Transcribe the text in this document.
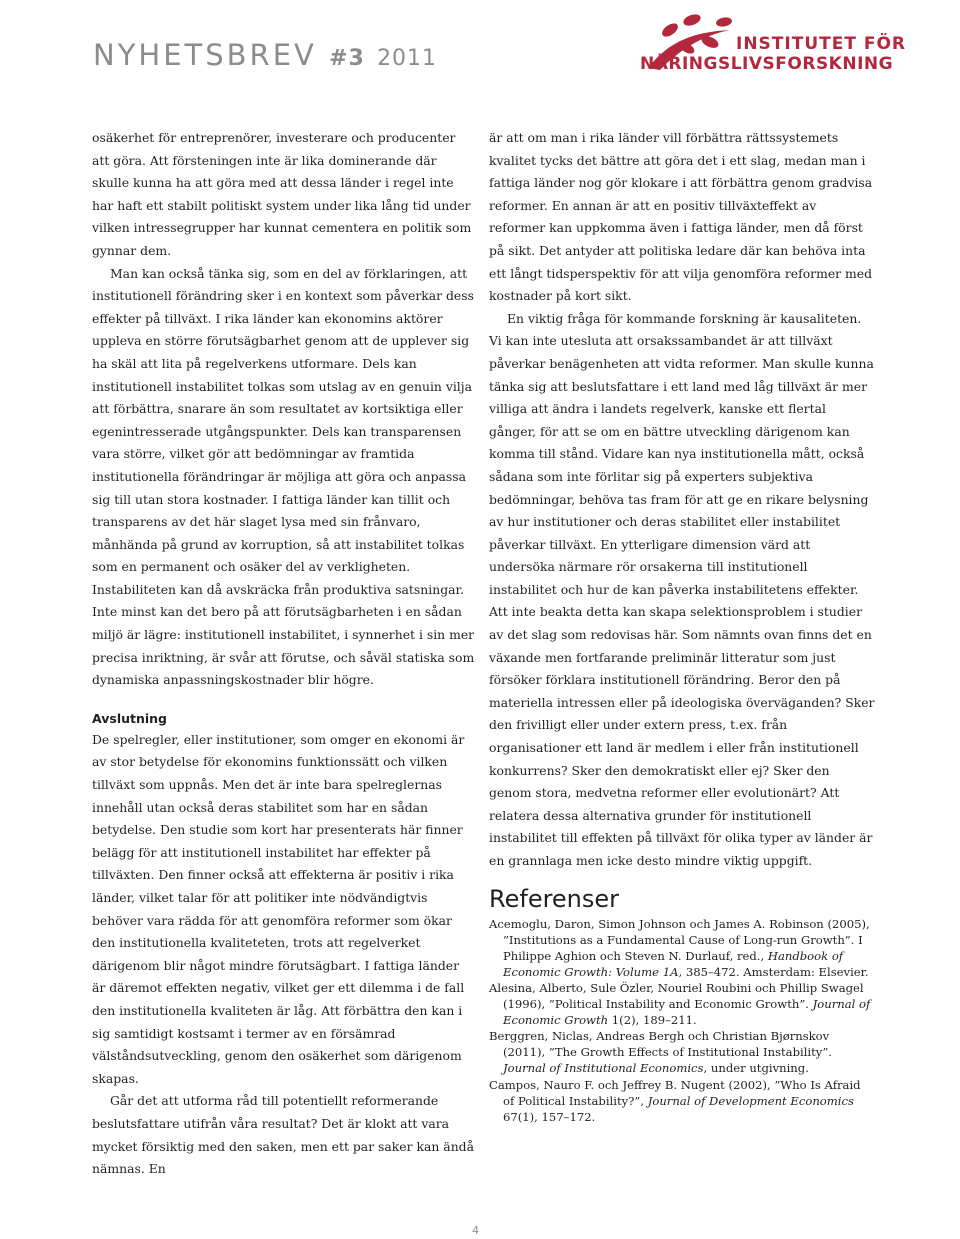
NYHETSBREV #3 2011
INSTITUTET FÖR
NÄRINGSLIVSFORSKNING

osäkerhet för entreprenörer, investerare och producenter att göra. Att försteningen inte är lika dominerande där skulle kunna ha att göra med att dessa länder i regel inte har haft ett stabilt politiskt system under lika lång tid under vilken intressegrupper har kunnat cementera en politik som gynnar dem.

Man kan också tänka sig, som en del av förklaringen, att institutionell förändring sker i en kontext som påverkar dess effekter på tillväxt. I rika länder kan ekonomins aktörer uppleva en större förutsägbarhet genom att de upplever sig ha skäl att lita på regelverkens utformare. Dels kan institutionell instabilitet tolkas som utslag av en genuin vilja att förbättra, snarare än som resultatet av kortsiktiga eller egenintresserade utgångspunkter. Dels kan transparensen vara större, vilket gör att bedömningar av framtida institutionella förändringar är möjliga att göra och anpassa sig till utan stora kostnader. I fattiga länder kan tillit och transparens av det här slaget lysa med sin frånvaro, månhända på grund av korruption, så att instabilitet tolkas som en permanent och osäker del av verkligheten. Instabiliteten kan då avskräcka från produktiva satsningar. Inte minst kan det bero på att förutsägbarheten i en sådan miljö är lägre: institutionell instabilitet, i synnerhet i sin mer precisa inriktning, är svår att förutse, och såväl statiska som dynamiska anpassningskostnader blir högre.

Avslutning

De spelregler, eller institutioner, som omger en ekonomi är av stor betydelse för ekonomins funktionssätt och vilken tillväxt som uppnås. Men det är inte bara spelreglernas innehåll utan också deras stabilitet som har en sådan betydelse. Den studie som kort har presenterats här finner belägg för att institutionell instabilitet har effekter på tillväxten. Den finner också att effekterna är positiv i rika länder, vilket talar för att politiker inte nödvändigtvis behöver vara rädda för att genomföra reformer som ökar den institutionella kvaliteteten, trots att regelverket därigenom blir något mindre förutsägbart. I fattiga länder är däremot effekten negativ, vilket ger ett dilemma i de fall den institutionella kvaliteten är låg. Att förbättra den kan i sig samtidigt kostsamt i termer av en försämrad välståndsutveckling, genom den osäkerhet som därigenom skapas.

Går det att utforma råd till potentiellt reformerande beslutsfattare utifrån våra resultat? Det är klokt att vara mycket försiktig med den saken, men ett par saker kan ändå nämnas. En

är att om man i rika länder vill förbättra rättssystemets kvalitet tycks det bättre att göra det i ett slag, medan man i fattiga länder nog gör klokare i att förbättra genom gradvisa reformer. En annan är att en positiv tillväxteffekt av reformer kan uppkomma även i fattiga länder, men då först på sikt. Det antyder att politiska ledare där kan behöva inta ett långt tidsperspektiv för att vilja genomföra reformer med kostnader på kort sikt.

En viktig fråga för kommande forskning är kausaliteten. Vi kan inte utesluta att orsakssambandet är att tillväxt påverkar benägenheten att vidta reformer. Man skulle kunna tänka sig att beslutsfattare i ett land med låg tillväxt är mer villiga att ändra i landets regelverk, kanske ett flertal gånger, för att se om en bättre utveckling därigenom kan komma till stånd. Vidare kan nya institutionella mått, också sådana som inte förlitar sig på experters subjektiva bedömningar, behöva tas fram för att ge en rikare belysning av hur institutioner och deras stabilitet eller instabilitet påverkar tillväxt. En ytterligare dimension värd att undersöka närmare rör orsakerna till institutionell instabilitet och hur de kan påverka instabilitetens effekter. Att inte beakta detta kan skapa selektionsproblem i studier av det slag som redovisas här. Som nämnts ovan finns det en växande men fortfarande preliminär litteratur som just försöker förklara institutionell förändring. Beror den på materiella intressen eller på ideologiska överväganden? Sker den frivilligt eller under extern press, t.ex. från organisationer ett land är medlem i eller från institutionell konkurrens? Sker den demokratiskt eller ej? Sker den genom stora, medvetna reformer eller evolutionärt? Att relatera dessa alternativa grunder för institutionell instabilitet till effekten på tillväxt för olika typer av länder är en grannlaga men icke desto mindre viktig uppgift.

Referenser

Acemoglu, Daron, Simon Johnson och James A. Robinson (2005), ”Institutions as a Fundamental Cause of Long-run Growth”. I Philippe Aghion och Steven N. Durlauf, red., Handbook of Economic Growth: Volume 1A, 385–472. Amsterdam: Elsevier.

Alesina, Alberto, Sule Özler, Nouriel Roubini och Phillip Swagel (1996), ”Political Instability and Economic Growth”. Journal of Economic Growth 1(2), 189–211.

Berggren, Niclas, Andreas Bergh och Christian Bjørnskov (2011), ”The Growth Effects of Institutional Instability”. Journal of Institutional Economics, under utgivning.

Campos, Nauro F. och Jeffrey B. Nugent (2002), ”Who Is Afraid of Political Instability?”, Journal of Development Economics 67(1), 157–172.

4
